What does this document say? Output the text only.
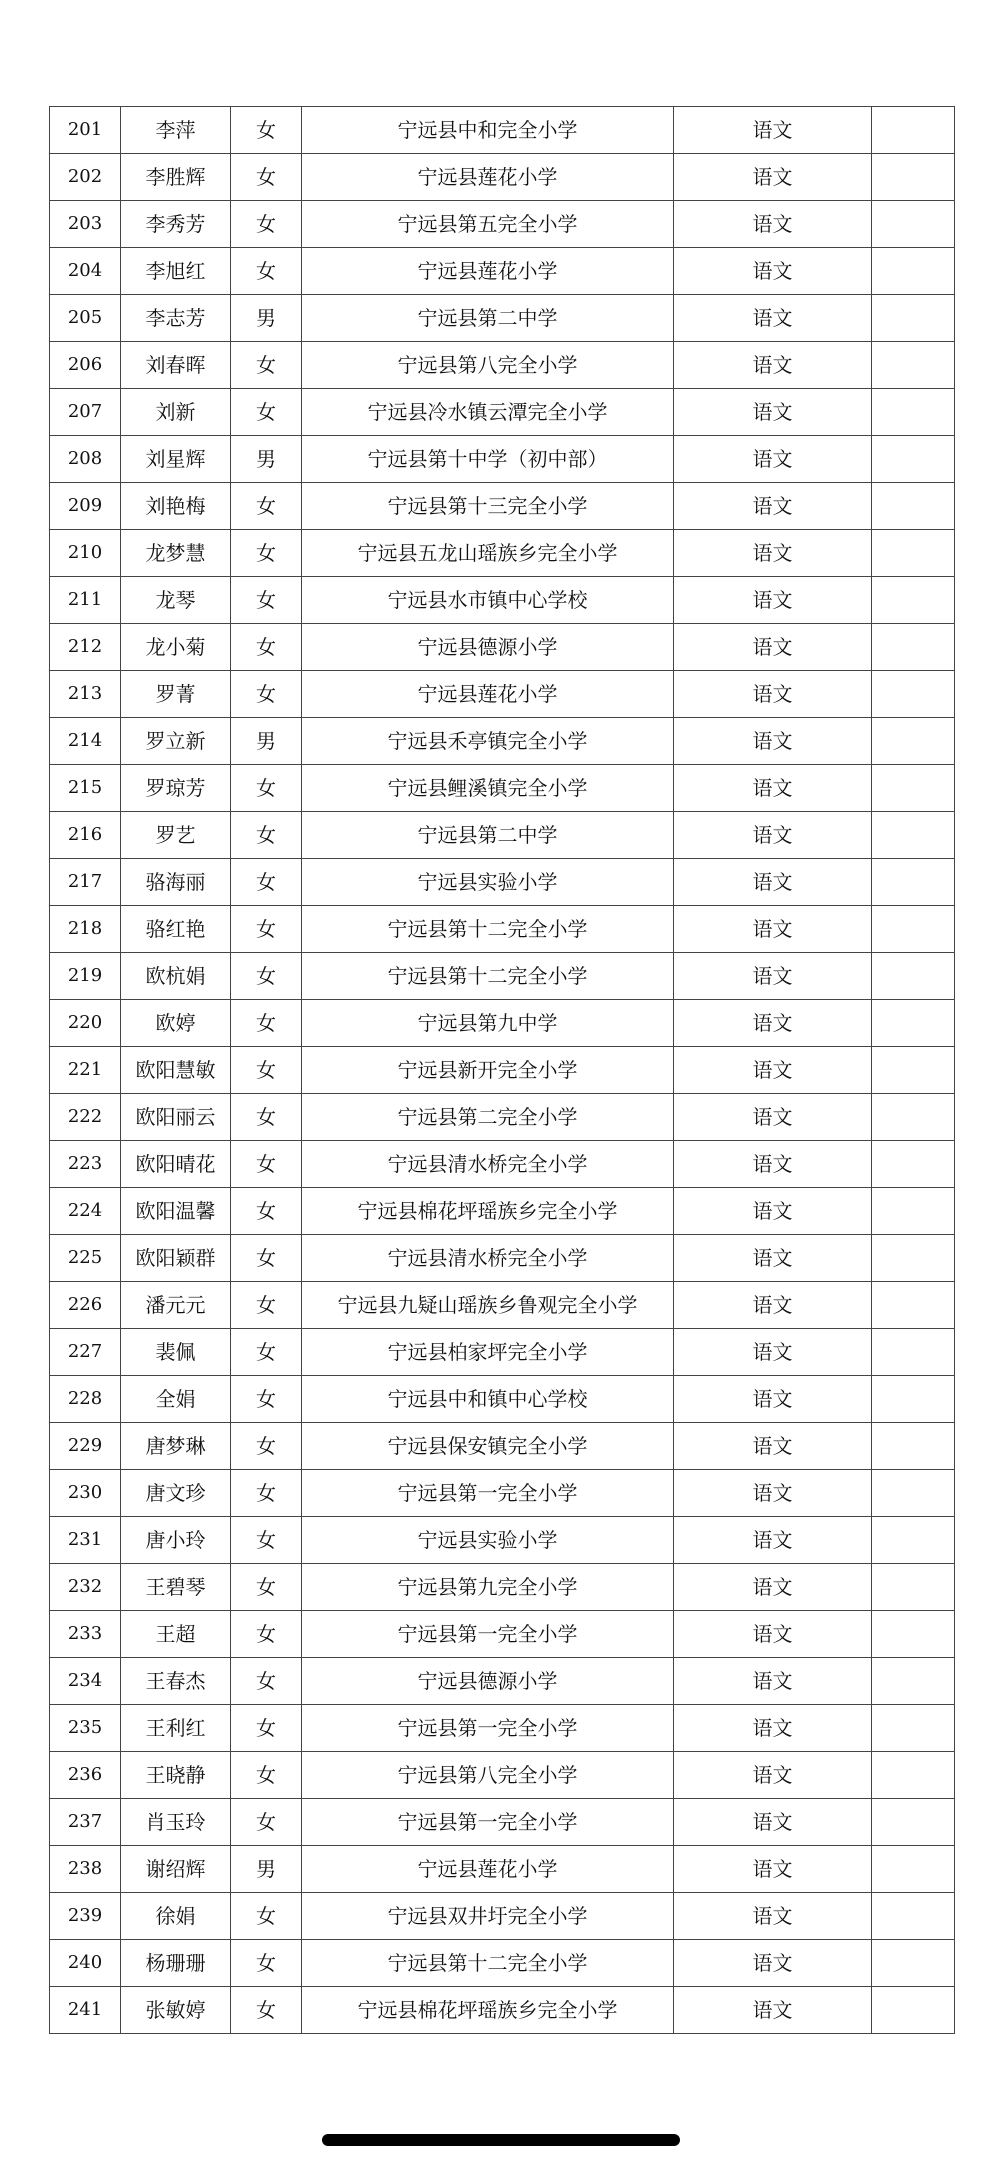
201	李萍	女	宁远县中和完全小学	语文	
202	李胜辉	女	宁远县莲花小学	语文	
203	李秀芳	女	宁远县第五完全小学	语文	
204	李旭红	女	宁远县莲花小学	语文	
205	李志芳	男	宁远县第二中学	语文	
206	刘春晖	女	宁远县第八完全小学	语文	
207	刘新	女	宁远县冷水镇云潭完全小学	语文	
208	刘星辉	男	宁远县第十中学（初中部）	语文	
209	刘艳梅	女	宁远县第十三完全小学	语文	
210	龙梦慧	女	宁远县五龙山瑶族乡完全小学	语文	
211	龙琴	女	宁远县水市镇中心学校	语文	
212	龙小菊	女	宁远县德源小学	语文	
213	罗菁	女	宁远县莲花小学	语文	
214	罗立新	男	宁远县禾亭镇完全小学	语文	
215	罗琼芳	女	宁远县鲤溪镇完全小学	语文	
216	罗艺	女	宁远县第二中学	语文	
217	骆海丽	女	宁远县实验小学	语文	
218	骆红艳	女	宁远县第十二完全小学	语文	
219	欧杭娟	女	宁远县第十二完全小学	语文	
220	欧婷	女	宁远县第九中学	语文	
221	欧阳慧敏	女	宁远县新开完全小学	语文	
222	欧阳丽云	女	宁远县第二完全小学	语文	
223	欧阳晴花	女	宁远县清水桥完全小学	语文	
224	欧阳温馨	女	宁远县棉花坪瑶族乡完全小学	语文	
225	欧阳颖群	女	宁远县清水桥完全小学	语文	
226	潘元元	女	宁远县九疑山瑶族乡鲁观完全小学	语文	
227	裴佩	女	宁远县柏家坪完全小学	语文	
228	全娟	女	宁远县中和镇中心学校	语文	
229	唐梦琳	女	宁远县保安镇完全小学	语文	
230	唐文珍	女	宁远县第一完全小学	语文	
231	唐小玲	女	宁远县实验小学	语文	
232	王碧琴	女	宁远县第九完全小学	语文	
233	王超	女	宁远县第一完全小学	语文	
234	王春杰	女	宁远县德源小学	语文	
235	王利红	女	宁远县第一完全小学	语文	
236	王晓静	女	宁远县第八完全小学	语文	
237	肖玉玲	女	宁远县第一完全小学	语文	
238	谢绍辉	男	宁远县莲花小学	语文	
239	徐娟	女	宁远县双井圩完全小学	语文	
240	杨珊珊	女	宁远县第十二完全小学	语文	
241	张敏婷	女	宁远县棉花坪瑶族乡完全小学	语文	
